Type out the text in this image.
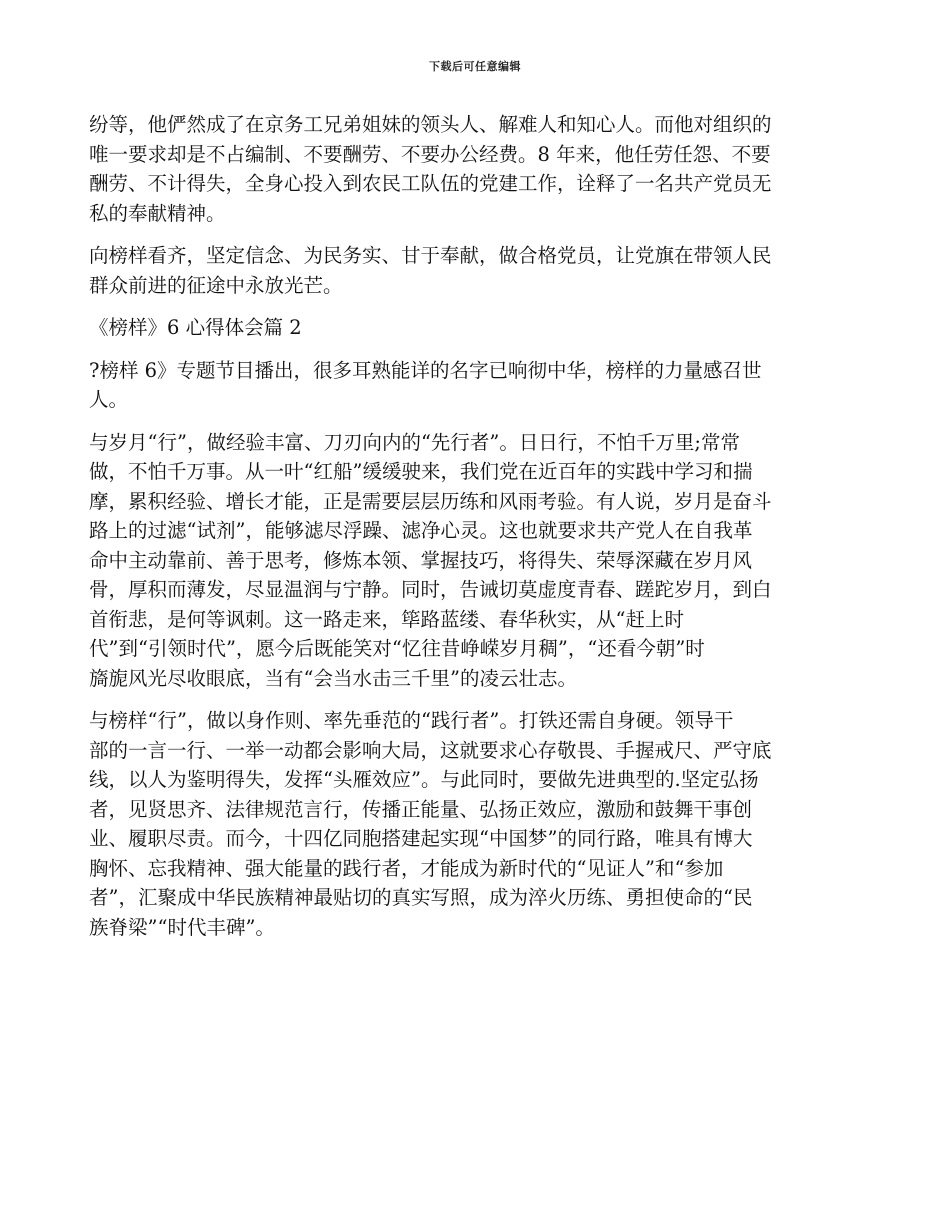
下载后可任意编辑

纷等，他俨然成了在京务工兄弟姐妹的领头人、解难人和知心人。而他对组织的
唯一要求却是不占编制、不要酬劳、不要办公经费。8 年来，他任劳任怨、不要
酬劳、不计得失，全身心投入到农民工队伍的党建工作，诠释了一名共产党员无
私的奉献精神。

向榜样看齐，坚定信念、为民务实、甘于奉献，做合格党员，让党旗在带领人民
群众前进的征途中永放光芒。

《榜样》6 心得体会篇 2

?榜样 6》专题节目播出，很多耳熟能详的名字已响彻中华，榜样的力量感召世
人。

与岁月“行”，做经验丰富、刀刃向内的“先行者”。日日行，不怕千万里;常常
做，不怕千万事。从一叶“红船”缓缓驶来，我们党在近百年的实践中学习和揣
摩，累积经验、增长才能，正是需要层层历练和风雨考验。有人说，岁月是奋斗
路上的过滤“试剂”，能够滤尽浮躁、滤净心灵。这也就要求共产党人在自我革
命中主动靠前、善于思考，修炼本领、掌握技巧，将得失、荣辱深藏在岁月风
骨，厚积而薄发，尽显温润与宁静。同时，告诫切莫虚度青春、蹉跎岁月，到白
首衔悲，是何等讽刺。这一路走来，筚路蓝缕、春华秋实，从“赶上时
代”到“引领时代”，愿今后既能笑对“忆往昔峥嵘岁月稠”，“还看今朝”时
旖旎风光尽收眼底，当有“会当水击三千里”的凌云壮志。

与榜样“行”，做以身作则、率先垂范的“践行者”。打铁还需自身硬。领导干
部的一言一行、一举一动都会影响大局，这就要求心存敬畏、手握戒尺、严守底
线，以人为鉴明得失，发挥“头雁效应”。与此同时，要做先进典型的.坚定弘扬
者，见贤思齐、法律规范言行，传播正能量、弘扬正效应，激励和鼓舞干事创
业、履职尽责。而今，十四亿同胞搭建起实现“中国梦”的同行路，唯具有博大
胸怀、忘我精神、强大能量的践行者，才能成为新时代的“见证人”和“参加
者”，汇聚成中华民族精神最贴切的真实写照，成为淬火历练、勇担使命的“民
族脊梁”“时代丰碑”。
